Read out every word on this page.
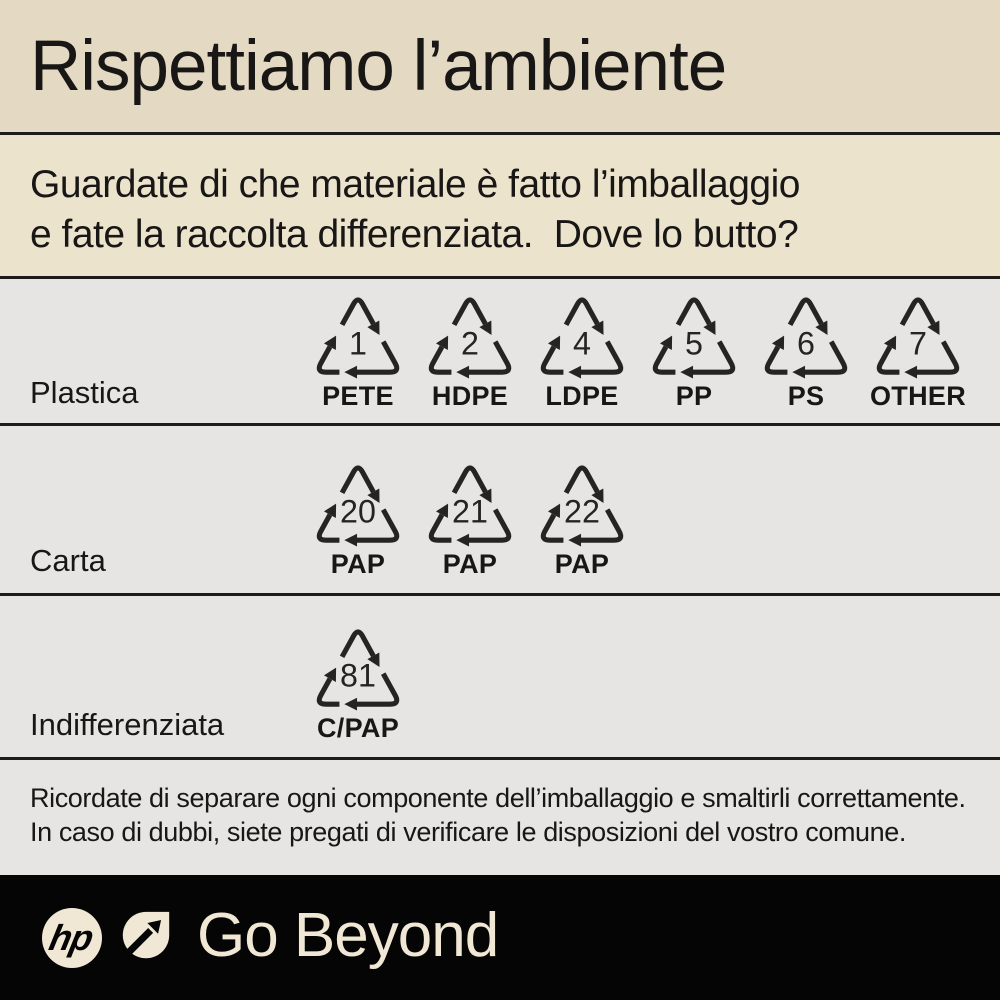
Rispettiamo l’ambiente

Guardate di che materiale è fatto l’imballaggio

e fate la raccolta differenziata.  Dove lo butto?

Plastica
1
PETE
2
HDPE
4
LDPE
5
PP
6
PS
7
OTHER
Carta
20
PAP
21
PAP
22
PAP
Indifferenziata
81
C/PAP

Ricordate di separare ogni componente dell’imballaggio e smaltirli correttamente.

In caso di dubbi, siete pregati di verificare le disposizioni del vostro comune.

hp Go Beyond
